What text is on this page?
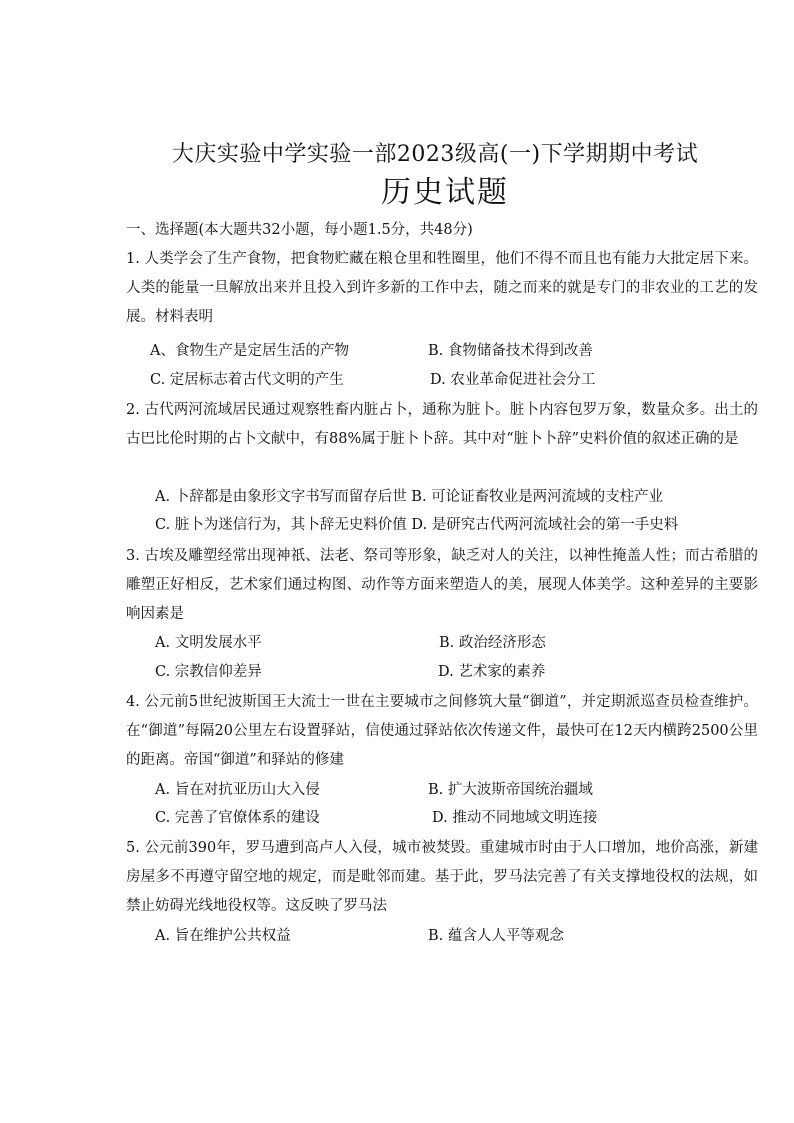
大庆实验中学实验一部2023级高(一)下学期期中考试
历史试题
一、选择题(本大题共32小题，每小题1.5分，共48分)
1. 人类学会了生产食物，把食物贮藏在粮仓里和牲圈里，他们不得不而且也有能力大批定居下来。人类的能量一旦解放出来并且投入到许多新的工作中去，随之而来的就是专门的非农业的工艺的发展。材料表明
A、食物生产是定居生活的产物	B. 食物储备技术得到改善
C. 定居标志着古代文明的产生	D. 农业革命促进社会分工
2. 古代两河流域居民通过观察牲畜内脏占卜，通称为脏卜。脏卜内容包罗万象，数量众多。出土的古巴比伦时期的占卜文献中，有88%属于脏卜卜辞。其中对“脏卜卜辞”史料价值的叙述正确的是
A. 卜辞都是由象形文字书写而留存后世 B. 可论证畜牧业是两河流域的支柱产业
C. 脏卜为迷信行为，其卜辞无史料价值 D. 是研究古代两河流域社会的第一手史料
3. 古埃及雕塑经常出现神祇、法老、祭司等形象，缺乏对人的关注，以神性掩盖人性；而古希腊的雕塑正好相反，艺术家们通过构图、动作等方面来塑造人的美，展现人体美学。这种差异的主要影响因素是
A. 文明发展水平	B. 政治经济形态
C. 宗教信仰差异	D. 艺术家的素养
4. 公元前5世纪波斯国王大流士一世在主要城市之间修筑大量“御道”，并定期派巡查员检查维护。在“御道”每隔20公里左右设置驿站，信使通过驿站依次传递文件，最快可在12天内横跨2500公里的距离。帝国“御道”和驿站的修建
A. 旨在对抗亚历山大入侵	B. 扩大波斯帝国统治疆域
C. 完善了官僚体系的建设	D. 推动不同地域文明连接
5. 公元前390年，罗马遭到高卢人入侵，城市被焚毁。重建城市时由于人口增加，地价高涨，新建房屋多不再遵守留空地的规定，而是毗邻而建。基于此，罗马法完善了有关支撑地役权的法规，如禁止妨碍光线地役权等。这反映了罗马法
A. 旨在维护公共权益	B. 蕴含人人平等观念
